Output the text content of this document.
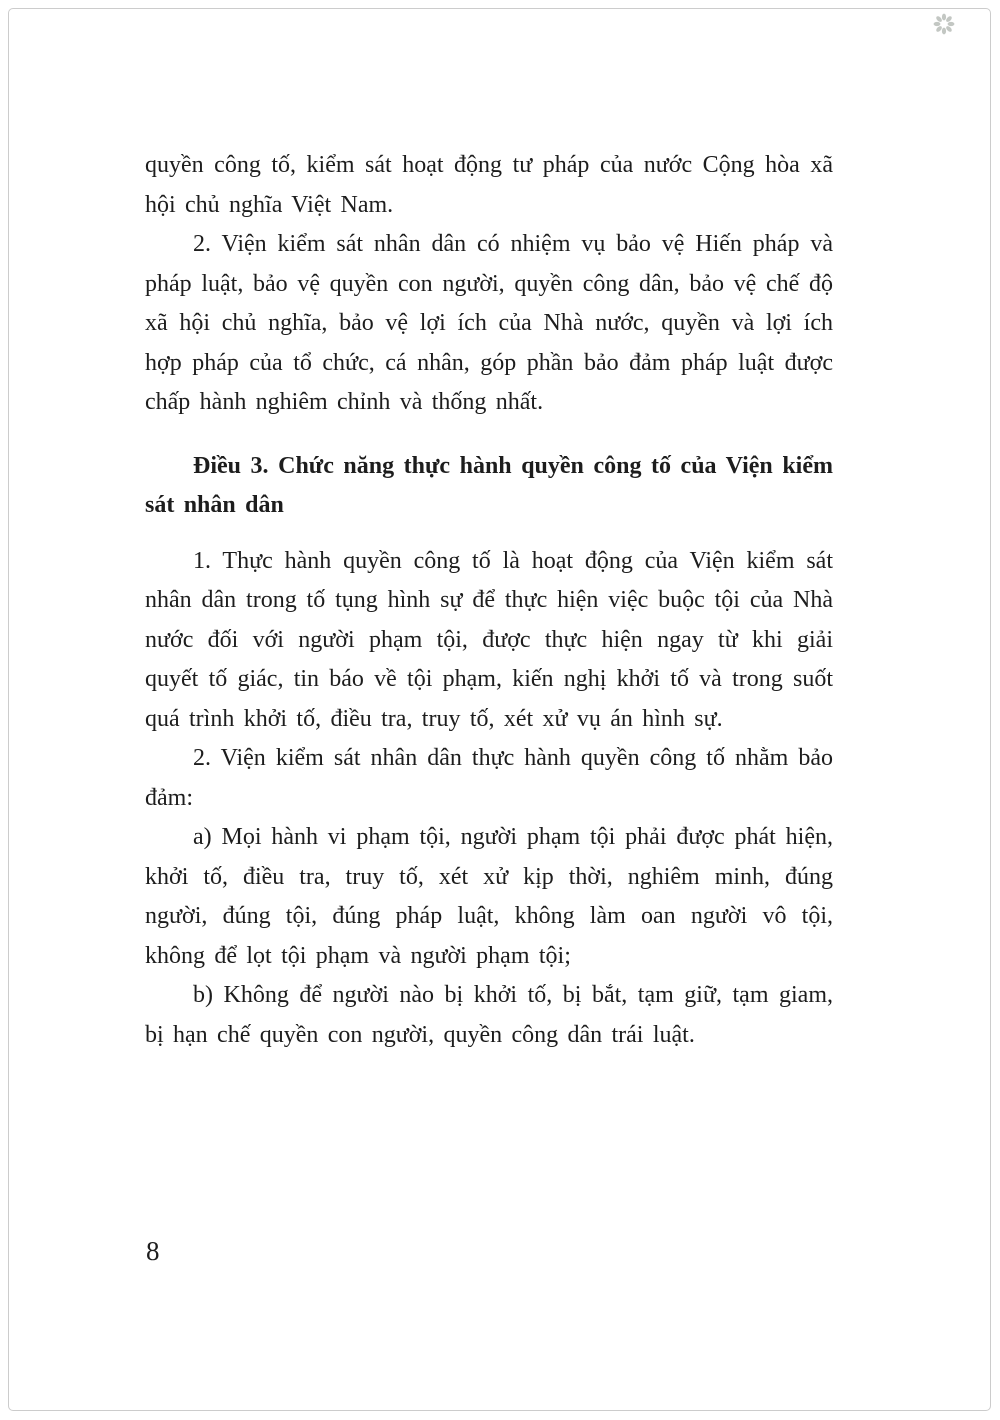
quyền công tố, kiểm sát hoạt động tư pháp của nước Cộng hòa xã hội chủ nghĩa Việt Nam.

2. Viện kiểm sát nhân dân có nhiệm vụ bảo vệ Hiến pháp và pháp luật, bảo vệ quyền con người, quyền công dân, bảo vệ chế độ xã hội chủ nghĩa, bảo vệ lợi ích của Nhà nước, quyền và lợi ích hợp pháp của tổ chức, cá nhân, góp phần bảo đảm pháp luật được chấp hành nghiêm chỉnh và thống nhất.

Điều 3. Chức năng thực hành quyền công tố của Viện kiểm sát nhân dân

1. Thực hành quyền công tố là hoạt động của Viện kiểm sát nhân dân trong tố tụng hình sự để thực hiện việc buộc tội của Nhà nước đối với người phạm tội, được thực hiện ngay từ khi giải quyết tố giác, tin báo về tội phạm, kiến nghị khởi tố và trong suốt quá trình khởi tố, điều tra, truy tố, xét xử vụ án hình sự.

2. Viện kiểm sát nhân dân thực hành quyền công tố nhằm bảo đảm:

a) Mọi hành vi phạm tội, người phạm tội phải được phát hiện, khởi tố, điều tra, truy tố, xét xử kịp thời, nghiêm minh, đúng người, đúng tội, đúng pháp luật, không làm oan người vô tội, không để lọt tội phạm và người phạm tội;

b) Không để người nào bị khởi tố, bị bắt, tạm giữ, tạm giam, bị hạn chế quyền con người, quyền công dân trái luật.

8
